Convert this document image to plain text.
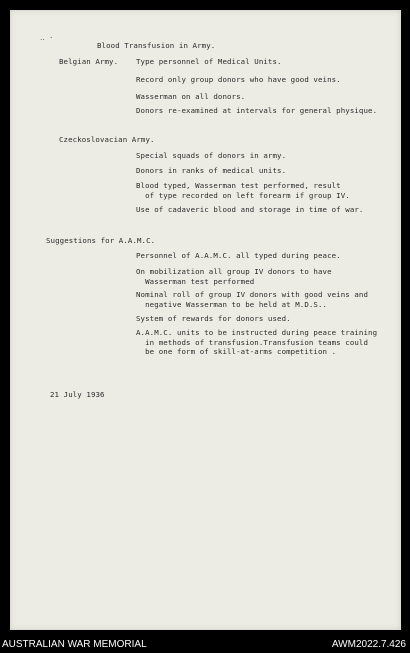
‥ ·
Blood Transfusion in Army.
Belgian Army. Type personnel of Medical Units.
Record only group donors who have good veins.
Wasserman on all donors.
Donors re-examined at intervals for general physique.
Czeckoslovacian Army.
Special squads of donors in army.
Donors in ranks of medical units.
Blood typed, Wasserman test performed, result
of type recorded on left forearm if group IV.
Use of cadaveric blood and storage in time of war.
Suggestions for A.A.M.C.
Personnel of A.A.M.C. all typed during peace.
On mobilization all group IV donors to have
Wasserman test performed
Nominal roll of group IV donors with good veins and
negative Wasserman to be held at M.D.S..
System of rewards for donors used.
A.A.M.C. units to be instructed during peace training
in methods of transfusion.Transfusion teams could
be one form of skill-at-arms competition .
21 July 1936
AUSTRALIAN WAR MEMORIAL	AWM2022.7.426
